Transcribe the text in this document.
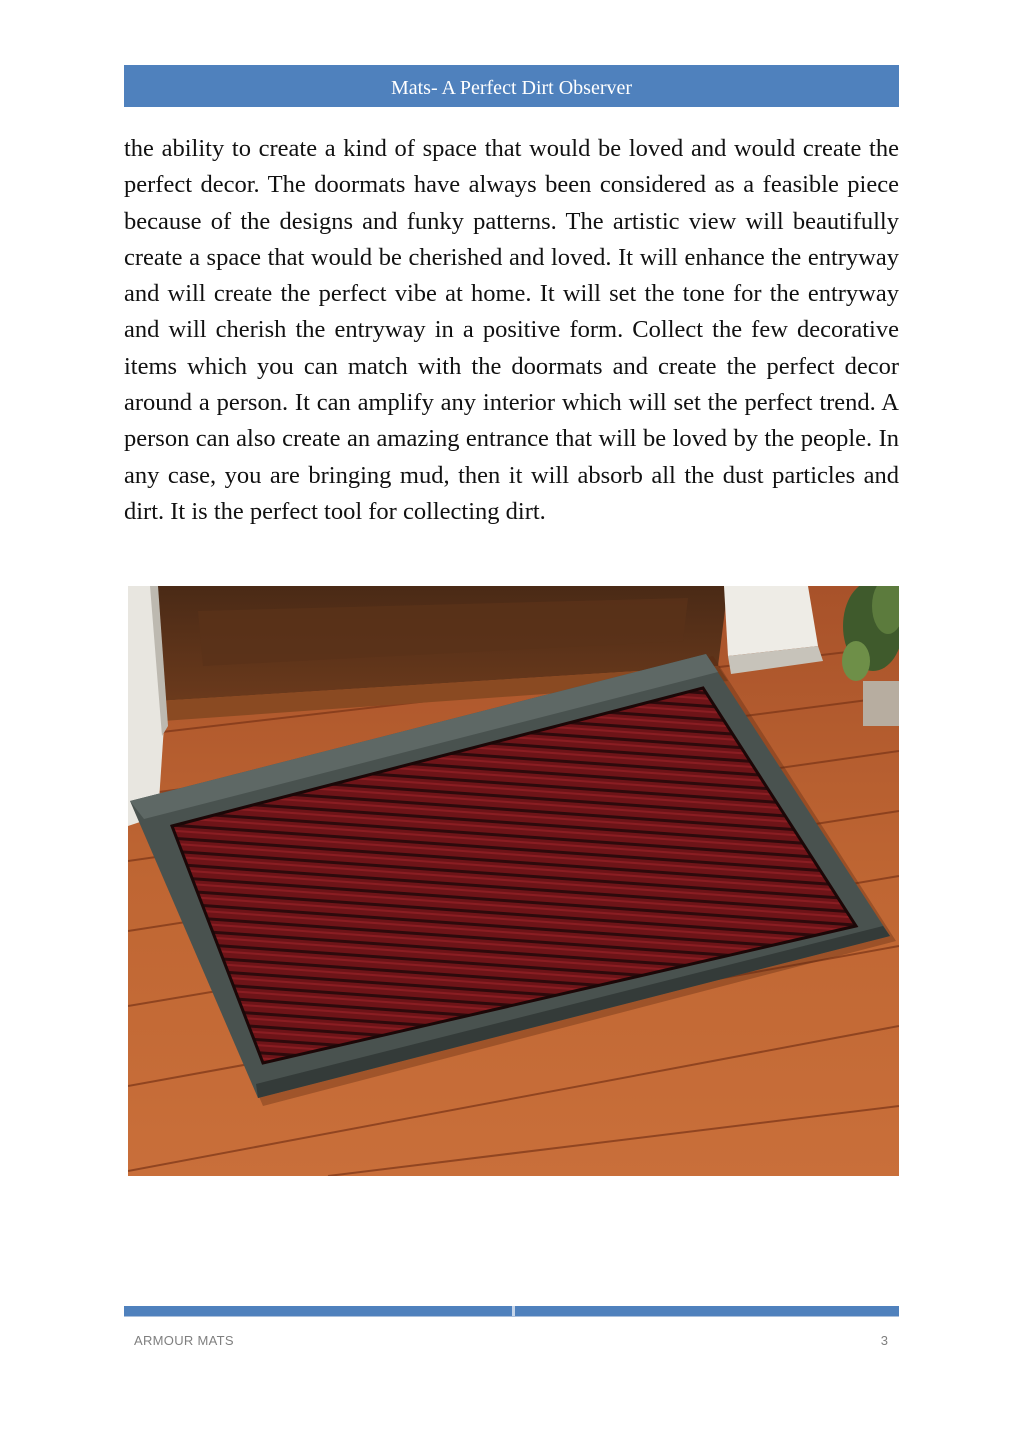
Mats- A Perfect Dirt Observer

the ability to create a kind of space that would be loved and would create the perfect decor. The doormats have always been considered as a feasible piece because of the designs and funky patterns. The artistic view will beautifully create a space that would be cherished and loved. It will enhance the entryway and will create the perfect vibe at home. It will set the tone for the entryway and will cherish the entryway in a positive form. Collect the few decorative items which you can match with the doormats and create the perfect decor around a person. It can amplify any interior which will set the perfect trend. A person can also create an amazing entrance that will be loved by the people. In any case, you are bringing mud, then it will absorb all the dust particles and dirt. It is the perfect tool for collecting dirt.

ARMOUR MATS	3
